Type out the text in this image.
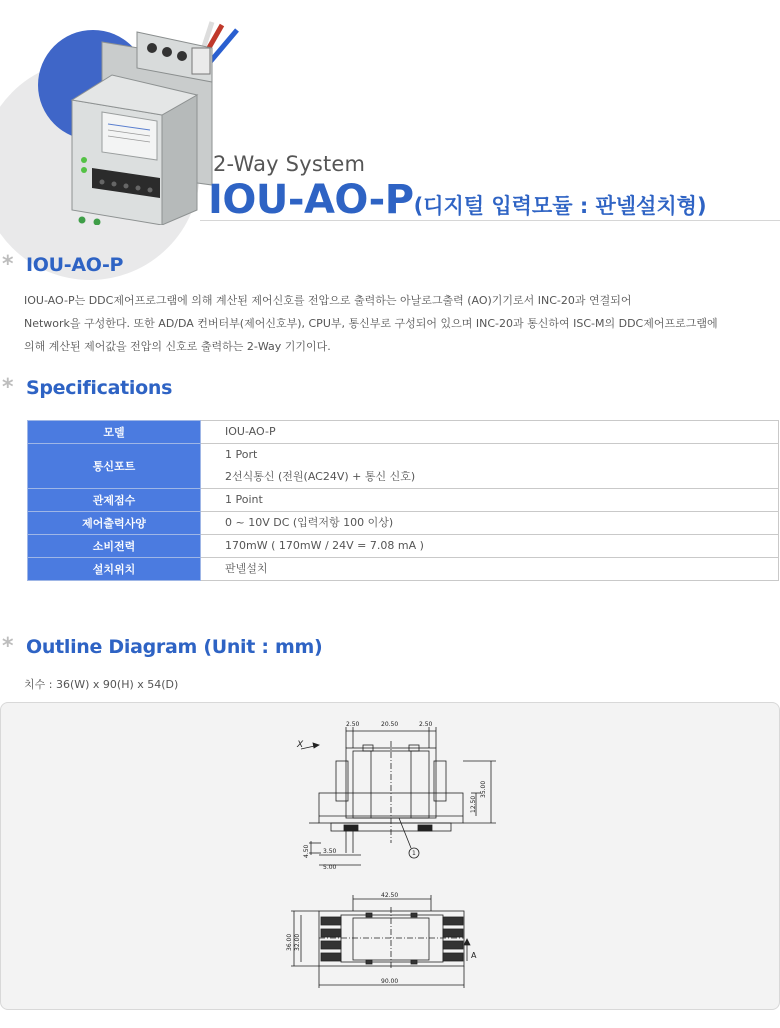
2-Way System
IOU-AO-P(디지털 입력모듈 : 판넬설치형)
* IOU-AO-P
IOU-AO-P는 DDC제어프로그램에 의해 계산된 제어신호를 전압으로 출력하는 아날로그출력 (AO)기기로서 INC-20과 연결되어
Network을 구성한다. 또한 AD/DA 컨버터부(제어신호부), CPU부, 통신부로 구성되어 있으며 INC-20과 통신하여 ISC-M의 DDC제어프로그램에
의해 계산된 제어값을 전압의 신호로 출력하는 2-Way 기기이다.
* Specifications
모델	IOU-AO-P

통신포트	1 Port
2선식통신 (전원(AC24V) + 통신 신호)

관제점수	1 Point

제어출력사양	0 ~ 10V DC (입력저항 100 이상)

소비전력	170mW ( 170mW / 24V = 7.08 mA )

설치위치	판넬설치
* Outline Diagram (Unit : mm)
치수 : 36(W) x 90(H) x 54(D)
2.50	20.50	2.50
35.00
12.50
3.50
5.00
4.50	1
X
42.50
36.00 32.00
90.00
A
